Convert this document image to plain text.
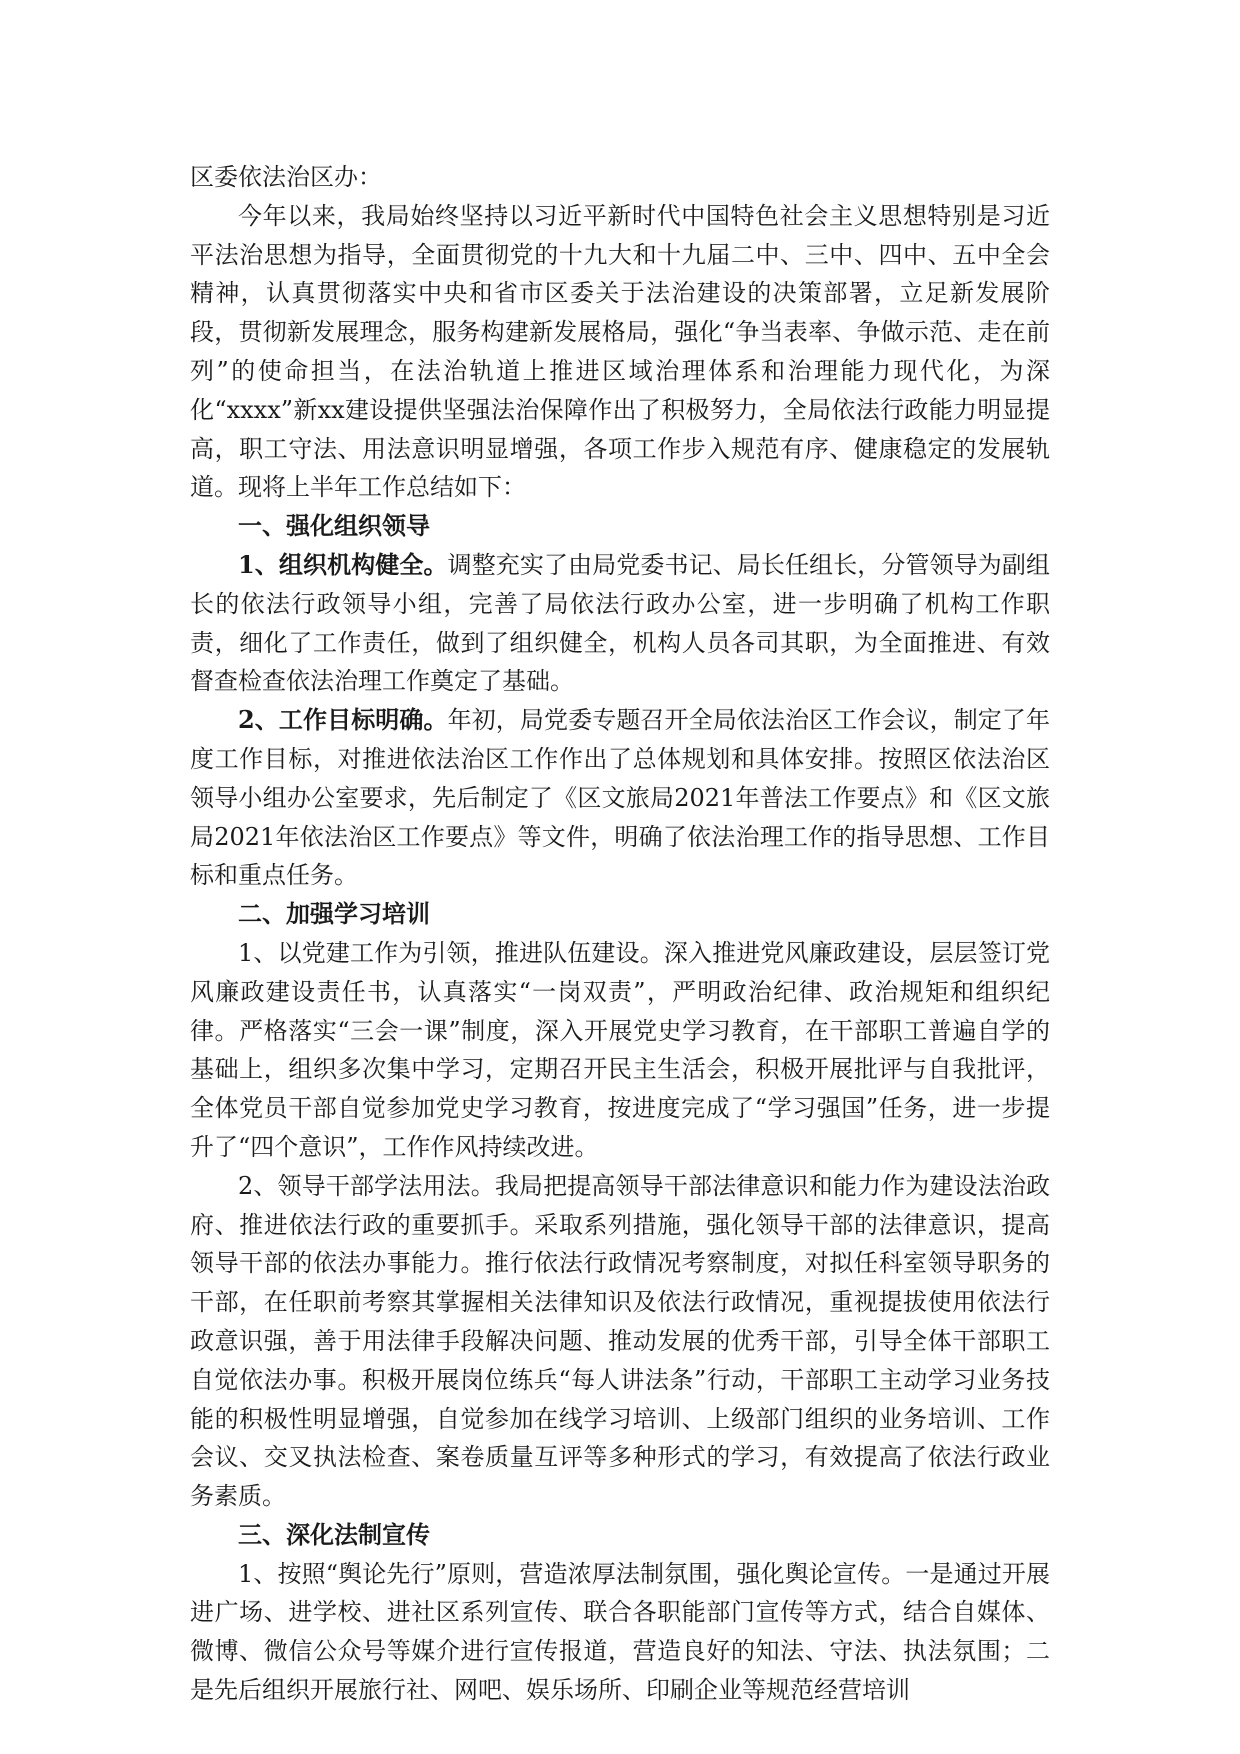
区委依法治区办：

今年以来，我局始终坚持以习近平新时代中国特色社会主义思想特别是习近平法治思想为指导，全面贯彻党的十九大和十九届二中、三中、四中、五中全会精神，认真贯彻落实中央和省市区委关于法治建设的决策部署，立足新发展阶段，贯彻新发展理念，服务构建新发展格局，强化“争当表率、争做示范、走在前列”的使命担当，在法治轨道上推进区域治理体系和治理能力现代化，为深化“xxxx”新xx建设提供坚强法治保障作出了积极努力，全局依法行政能力明显提高，职工守法、用法意识明显增强，各项工作步入规范有序、健康稳定的发展轨道。现将上半年工作总结如下：

一、强化组织领导

1、组织机构健全。调整充实了由局党委书记、局长任组长，分管领导为副组长的依法行政领导小组，完善了局依法行政办公室，进一步明确了机构工作职责，细化了工作责任，做到了组织健全，机构人员各司其职，为全面推进、有效督查检查依法治理工作奠定了基础。

2、工作目标明确。年初，局党委专题召开全局依法治区工作会议，制定了年度工作目标，对推进依法治区工作作出了总体规划和具体安排。按照区依法治区领导小组办公室要求，先后制定了《区文旅局2021年普法工作要点》和《区文旅局2021年依法治区工作要点》等文件，明确了依法治理工作的指导思想、工作目标和重点任务。

二、加强学习培训

1、以党建工作为引领，推进队伍建设。深入推进党风廉政建设，层层签订党风廉政建设责任书，认真落实“一岗双责”，严明政治纪律、政治规矩和组织纪律。严格落实“三会一课”制度，深入开展党史学习教育，在干部职工普遍自学的基础上，组织多次集中学习，定期召开民主生活会，积极开展批评与自我批评，全体党员干部自觉参加党史学习教育，按进度完成了“学习强国”任务，进一步提升了“四个意识”，工作作风持续改进。

2、领导干部学法用法。我局把提高领导干部法律意识和能力作为建设法治政府、推进依法行政的重要抓手。采取系列措施，强化领导干部的法律意识，提高领导干部的依法办事能力。推行依法行政情况考察制度，对拟任科室领导职务的干部，在任职前考察其掌握相关法律知识及依法行政情况，重视提拔使用依法行政意识强，善于用法律手段解决问题、推动发展的优秀干部，引导全体干部职工自觉依法办事。积极开展岗位练兵“每人讲法条”行动，干部职工主动学习业务技能的积极性明显增强，自觉参加在线学习培训、上级部门组织的业务培训、工作会议、交叉执法检查、案卷质量互评等多种形式的学习，有效提高了依法行政业务素质。

三、深化法制宣传

1、按照“舆论先行”原则，营造浓厚法制氛围，强化舆论宣传。一是通过开展进广场、进学校、进社区系列宣传、联合各职能部门宣传等方式，结合自媒体、微博、微信公众号等媒介进行宣传报道，营造良好的知法、守法、执法氛围；二是先后组织开展旅行社、网吧、娱乐场所、印刷企业等规范经营培训
